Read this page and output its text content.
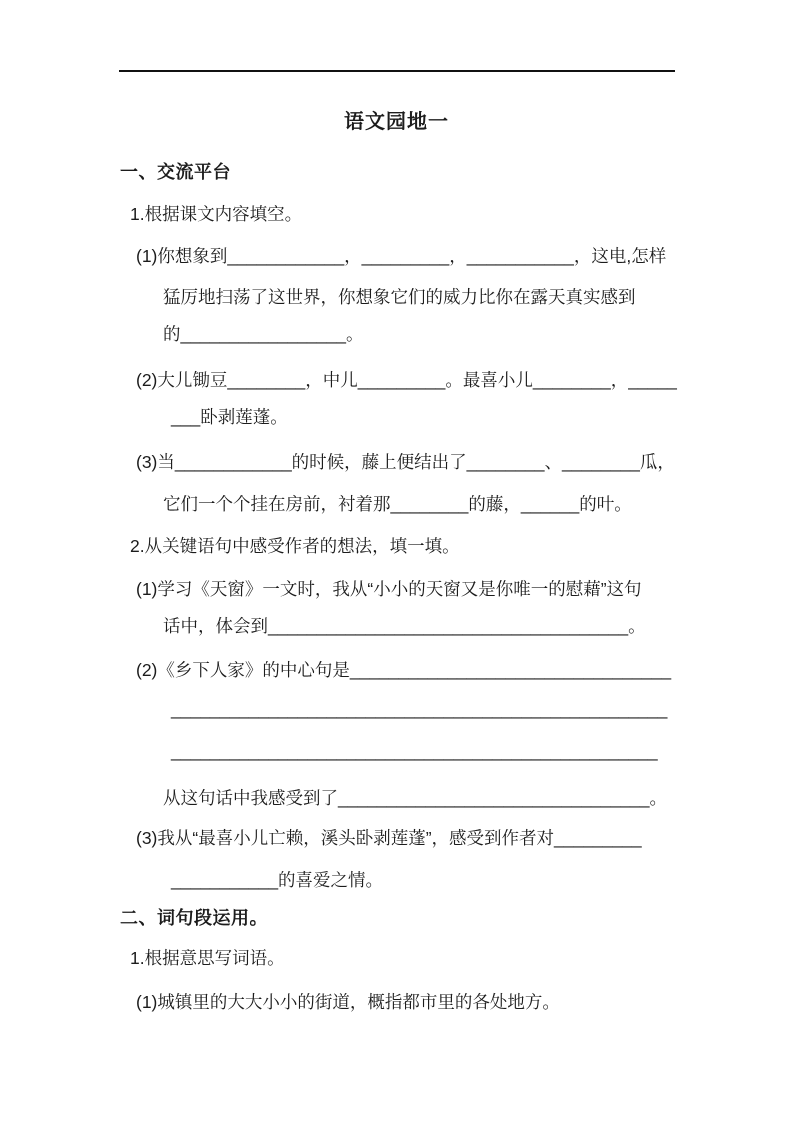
语文园地一
一、交流平台
1.根据课文内容填空。
(1)你想象到____________，_________，___________，这电,怎样
猛厉地扫荡了这世界，你想象它们的威力比你在露天真实感到
的_________________。
(2)大儿锄豆________，中儿_________。最喜小儿________，_____
___卧剥莲蓬。
(3)当____________的时候，藤上便结出了________、________瓜，
它们一个个挂在房前，衬着那________的藤，______的叶。
2.从关键语句中感受作者的想法，填一填。
(1)学习《天窗》一文时，我从“小小的天窗又是你唯一的慰藉”这句
话中，体会到_____________________________________。
(2)《乡下人家》的中心句是_________________________________
___________________________________________________
__________________________________________________
从这句话中我感受到了________________________________。
(3)我从“最喜小儿亡赖，溪头卧剥莲蓬”，感受到作者对_________
___________的喜爱之情。
二、词句段运用。
1.根据意思写词语。
(1)城镇里的大大小小的街道，概指都市里的各处地方。
